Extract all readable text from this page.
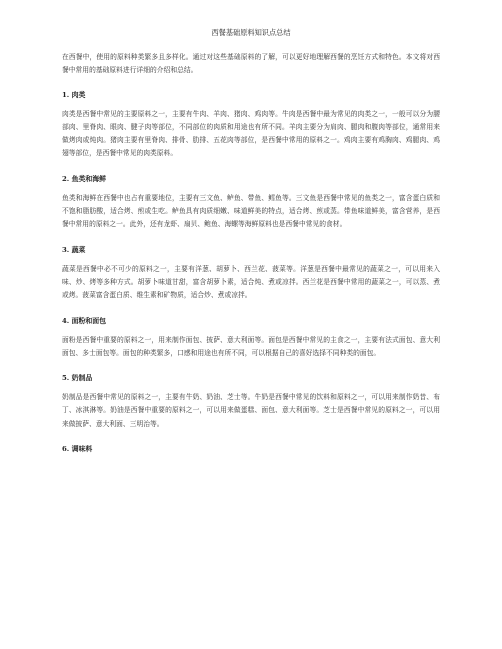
西餐基础原料知识点总结

在西餐中，使用的原料种类繁多且多样化。通过对这些基础原料的了解，可以更好地理解西餐的烹饪方式和特色。本文将对西餐中常用的基础原料进行详细的介绍和总结。

1. 肉类

肉类是西餐中常见的主要原料之一，主要有牛肉、羊肉、猪肉、鸡肉等。牛肉是西餐中最为常见的肉类之一，一般可以分为腰部肉、里脊肉、眼肉、腱子肉等部位，不同部位的肉质和用途也有所不同。羊肉主要分为肩肉、腿肉和腹肉等部位，通常用来做烤肉或炖肉。猪肉主要有里脊肉、排骨、肋排、五花肉等部位，是西餐中常用的原料之一。鸡肉主要有鸡胸肉、鸡腿肉、鸡翅等部位，是西餐中常见的肉类原料。

2. 鱼类和海鲜

鱼类和海鲜在西餐中也占有重要地位，主要有三文鱼、鲈鱼、带鱼、鳕鱼等。三文鱼是西餐中常见的鱼类之一，富含蛋白质和不饱和脂肪酸，适合烤、煎或生吃。鲈鱼具有肉质细嫩、味道鲜美的特点，适合烤、煎或蒸。带鱼味道鲜美，富含营养，是西餐中常用的原料之一。此外，还有龙虾、扇贝、鲍鱼、海螺等海鲜原料也是西餐中常见的食材。

3. 蔬菜

蔬菜是西餐中必不可少的原料之一，主要有洋葱、胡萝卜、西兰花、菠菜等。洋葱是西餐中最常见的蔬菜之一，可以用来入味、炒、烤等多种方式。胡萝卜味道甘甜，富含胡萝卜素，适合炖、煮或凉拌。西兰花是西餐中常用的蔬菜之一，可以蒸、煮或烤。菠菜富含蛋白质、维生素和矿物质，适合炒、煮或凉拌。

4. 面粉和面包

面粉是西餐中重要的原料之一，用来制作面包、披萨、意大利面等。面包是西餐中常见的主食之一，主要有法式面包、意大利面包、多士面包等。面包的种类繁多，口感和用途也有所不同，可以根据自己的喜好选择不同种类的面包。

5. 奶制品

奶制品是西餐中常见的原料之一，主要有牛奶、奶油、芝士等。牛奶是西餐中常见的饮料和原料之一，可以用来制作奶昔、布丁、冰淇淋等。奶油是西餐中重要的原料之一，可以用来做蛋糕、面包、意大利面等。芝士是西餐中常见的原料之一，可以用来做披萨、意大利面、三明治等。

6. 调味料
